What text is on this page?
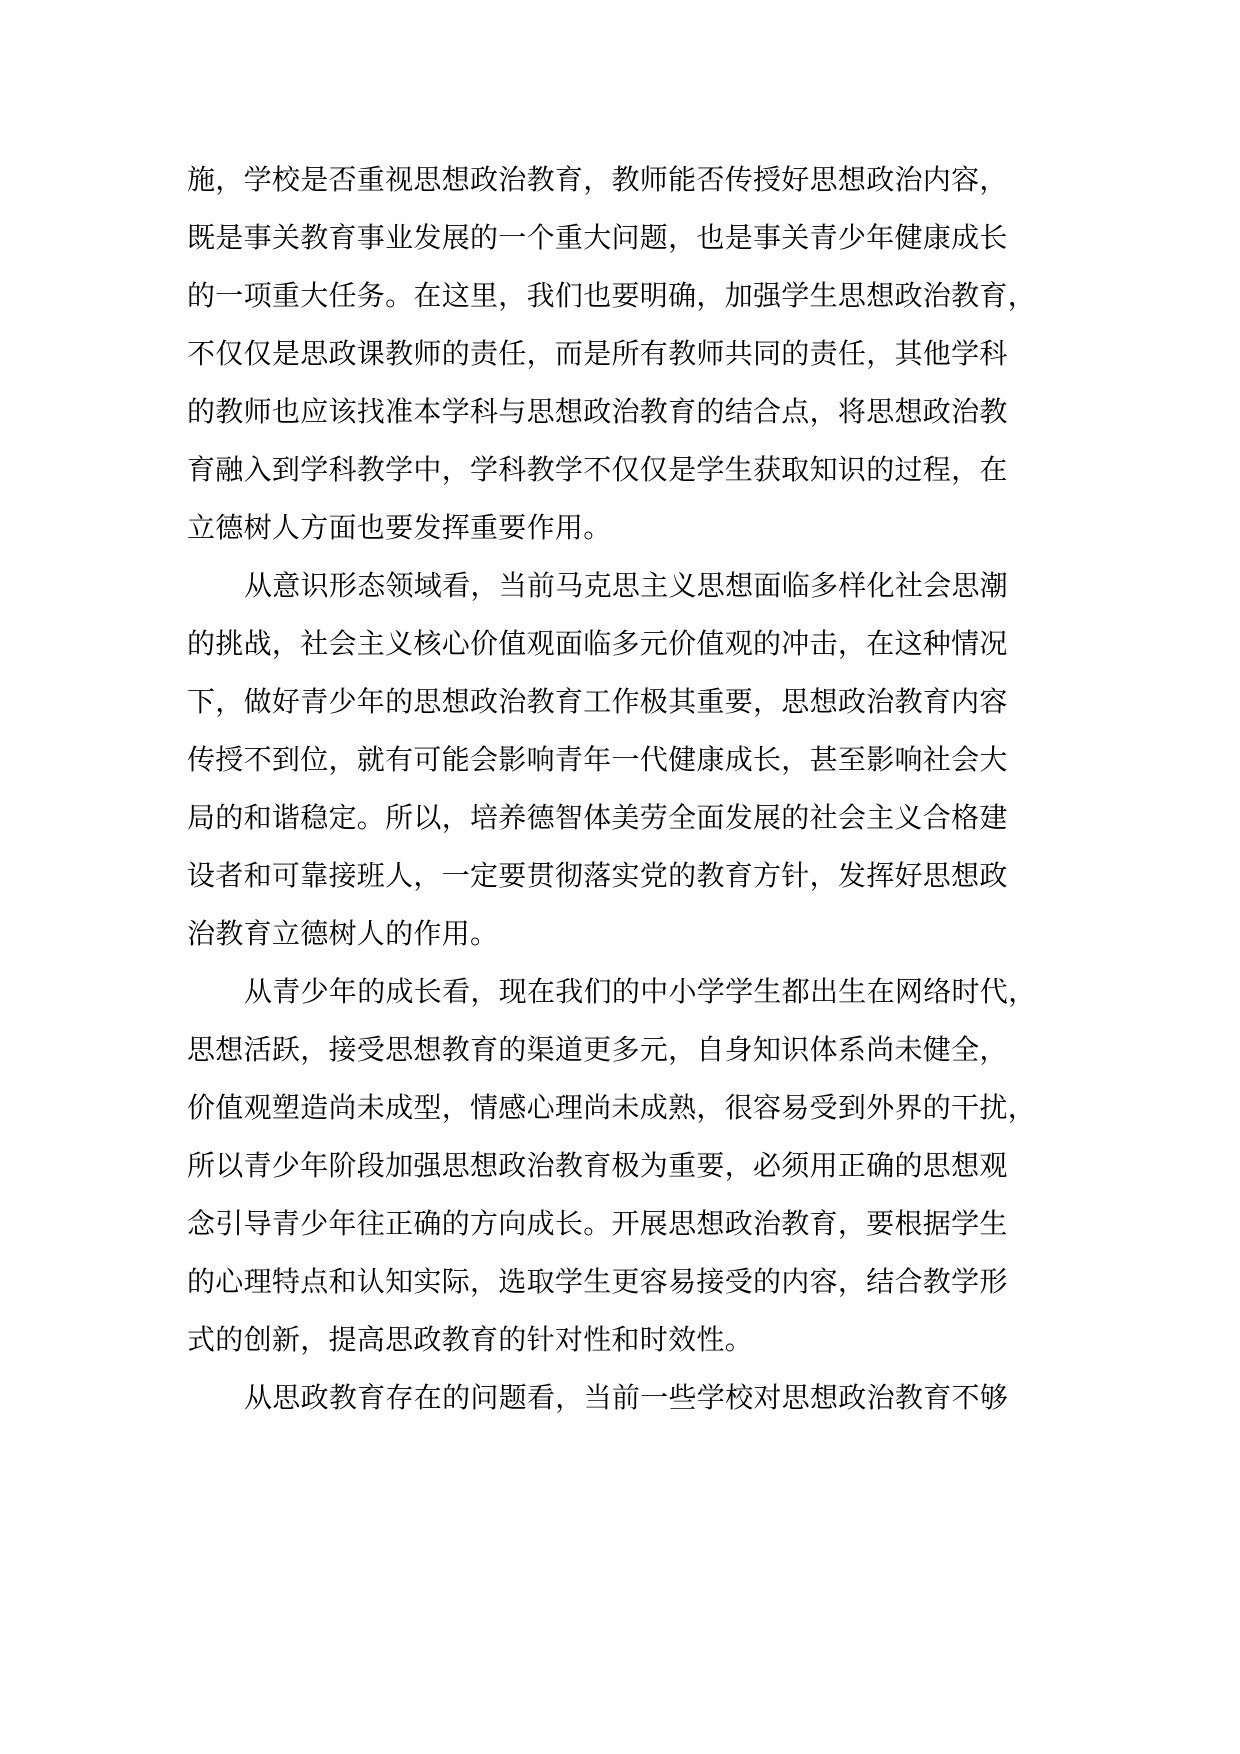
施，学校是否重视思想政治教育，教师能否传授好思想政治内容，
既是事关教育事业发展的一个重大问题，也是事关青少年健康成长
的一项重大任务。在这里，我们也要明确，加强学生思想政治教育，
不仅仅是思政课教师的责任，而是所有教师共同的责任，其他学科
的教师也应该找准本学科与思想政治教育的结合点，将思想政治教
育融入到学科教学中，学科教学不仅仅是学生获取知识的过程，在
立德树人方面也要发挥重要作用。
从意识形态领域看，当前马克思主义思想面临多样化社会思潮
的挑战，社会主义核心价值观面临多元价值观的冲击，在这种情况
下，做好青少年的思想政治教育工作极其重要，思想政治教育内容
传授不到位，就有可能会影响青年一代健康成长，甚至影响社会大
局的和谐稳定。所以，培养德智体美劳全面发展的社会主义合格建
设者和可靠接班人，一定要贯彻落实党的教育方针，发挥好思想政
治教育立德树人的作用。
从青少年的成长看，现在我们的中小学学生都出生在网络时代，
思想活跃，接受思想教育的渠道更多元，自身知识体系尚未健全，
价值观塑造尚未成型，情感心理尚未成熟，很容易受到外界的干扰，
所以青少年阶段加强思想政治教育极为重要，必须用正确的思想观
念引导青少年往正确的方向成长。开展思想政治教育，要根据学生
的心理特点和认知实际，选取学生更容易接受的内容，结合教学形
式的创新，提高思政教育的针对性和时效性。
从思政教育存在的问题看，当前一些学校对思想政治教育不够
